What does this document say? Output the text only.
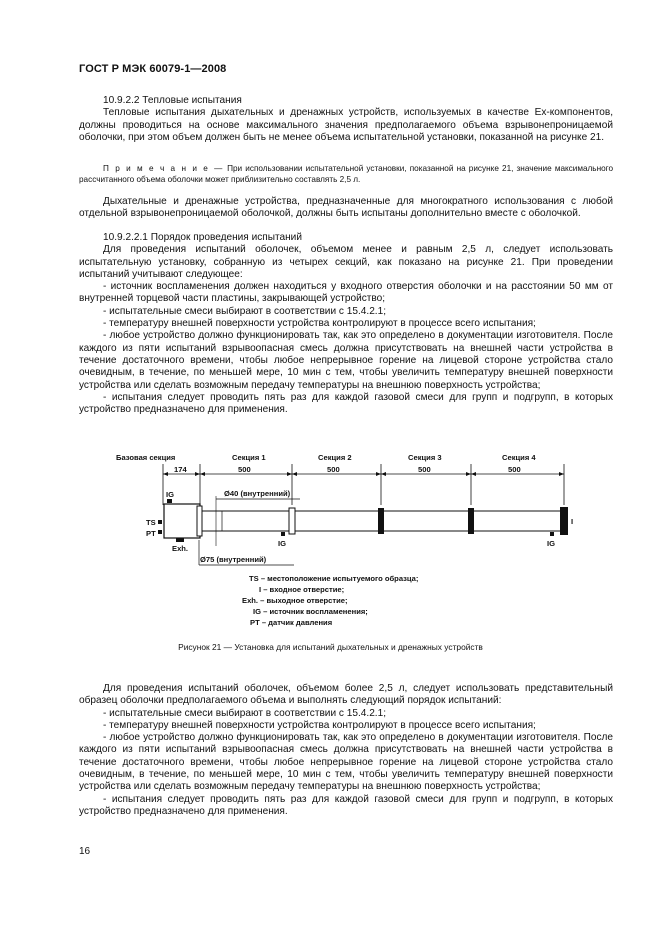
ГОСТ Р МЭК 60079-1—2008

10.9.2.2 Тепловые испытания

Тепловые испытания дыхательных и дренажных устройств, используемых в качестве Ex-компонентов, должны проводиться на основе максимального значения предполагаемого объема взрывонепроницаемой оболочки, при этом объем должен быть не менее объема испытательной установки, показанной на рисунке 21.

П р и м е ч а н и е — При использовании испытательной установки, показанной на рисунке 21, значение максимального рассчитанного объема оболочки может приблизительно составлять 2,5 л.

Дыхательные и дренажные устройства, предназначенные для многократного использования с любой отдельной взрывонепроницаемой оболочкой, должны быть испытаны дополнительно вместе с оболочкой.

10.9.2.2.1 Порядок проведения испытаний

Для проведения испытаний оболочек, объемом менее и равным 2,5 л, следует использовать испытательную установку, собранную из четырех секций, как показано на рисунке 21. При проведении испытаний учитывают следующее:

- источник воспламенения должен находиться у входного отверстия оболочки и на расстоянии 50 мм от внутренней торцевой части пластины, закрывающей устройство;

- испытательные смеси выбирают в соответствии с 15.4.2.1;

- температуру внешней поверхности устройства контролируют в процессе всего испытания;

- любое устройство должно функционировать так, как это определено в документации изготовителя. После каждого из пяти испытаний взрывоопасная смесь должна присутствовать на внешней части устройства в течение достаточного времени, чтобы любое непрерывное горение на лицевой стороне устройства стало очевидным, в течение, по меньшей мере, 10 мин с тем, чтобы увеличить температуру внешней поверхности устройства или сделать возможным передачу температуры на внешнюю поверхность устройства;

- испытания следует проводить пять раз для каждой газовой смеси для групп и подгрупп, в которых устройство предназначено для применения.

Базовая секция	Секция 1	Секция 2	Секция 3	Секция 4
174	500	500	500	500
Ø40 (внутренний)
Ø75 (внутренний)
IG
TS
PT
Exh.
IG	IG
I
TS – местоположение испытуемого образца;
I – входное отверстие;
Exh. – выходное отверстие;
IG – источник воспламенения;
PT – датчик давления
Рисунок 21 — Установка для испытаний дыхательных и дренажных устройств

Для проведения испытаний оболочек, объемом более 2,5 л, следует использовать представительный образец оболочки предполагаемого объема и выполнять следующий порядок испытаний:

- испытательные смеси выбирают в соответствии с 15.4.2.1;

- температуру внешней поверхности устройства контролируют в процессе всего испытания;

- любое устройство должно функционировать так, как это определено в документации изготовителя. После каждого из пяти испытаний взрывоопасная смесь должна присутствовать на внешней части устройства в течение достаточного времени, чтобы любое непрерывное горение на лицевой стороне устройства стало очевидным, в течение, по меньшей мере, 10 мин с тем, чтобы увеличить температуру внешней поверхности устройства или сделать возможным передачу температуры на внешнюю поверхность устройства;

- испытания следует проводить пять раз для каждой газовой смеси для групп и подгрупп, в которых устройство предназначено для применения.

16
